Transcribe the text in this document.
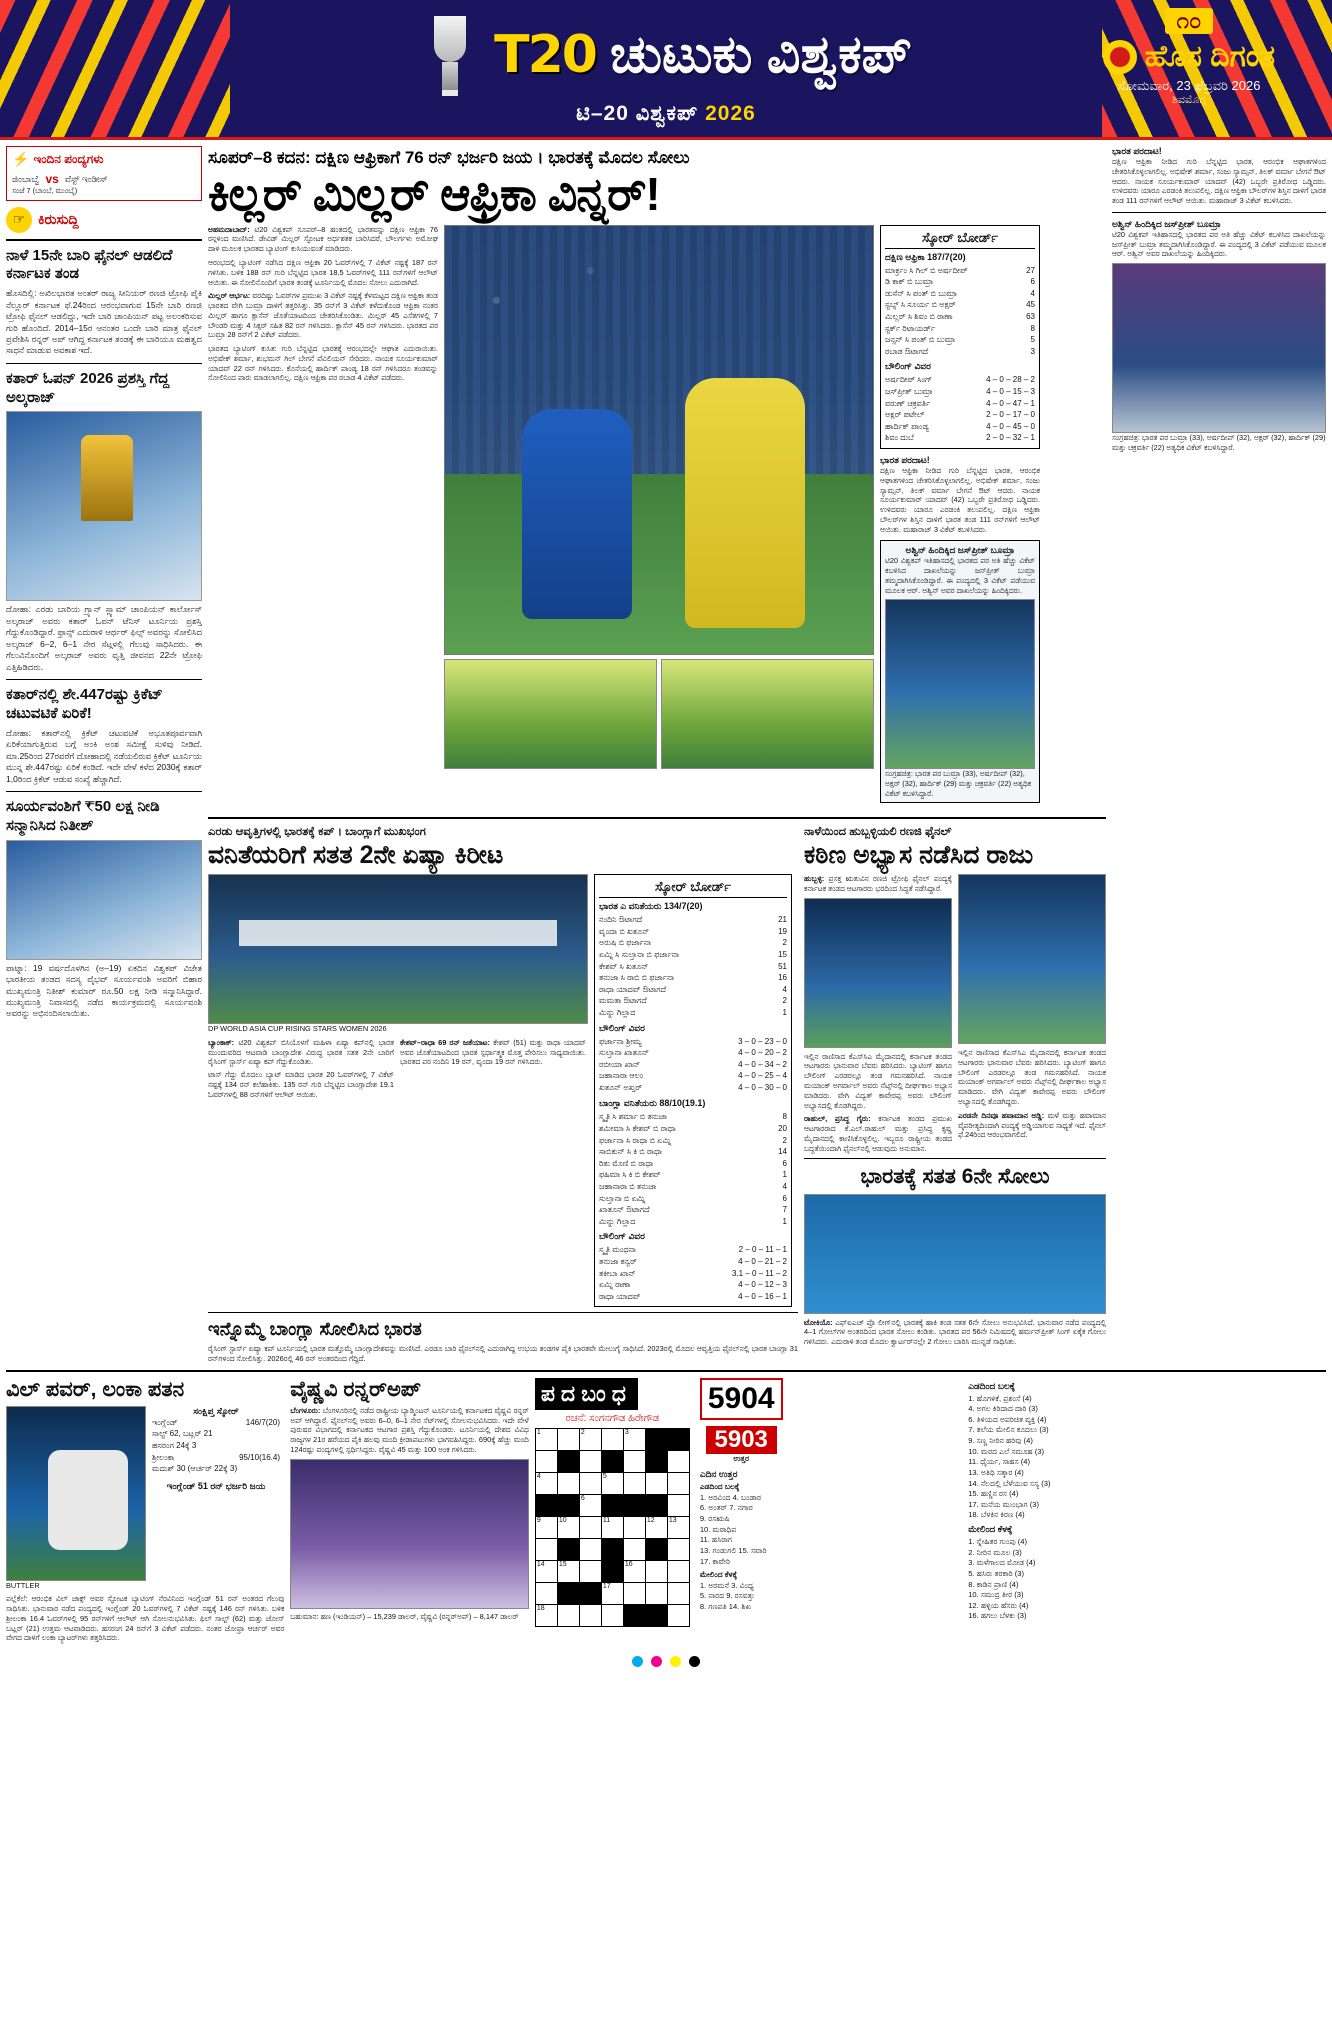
T20 ಚುಟುಕು ವಿಶ್ವಕಪ್
ಟಿ–20 ವಿಶ್ವಕಪ್ 2026
೧೦
ಹೊಸ ದಿಗಂತ
ಸೋಮವಾರ, 23 ಫೆಬ್ರವರಿ 2026
ಶಿವಮೊಗ್ಗ
⚡ ಇಂದಿನ ಪಂದ್ಯಗಳು
ಜಿಂಬಾಬ್ವೆ vs ವೆಸ್ಟ್ ಇಂಡೀಸ್
ಸಂಜೆ 7 (ಬಾಂಬೆ, ಮುಂಬೈ)
☞ ಕಿರುಸುದ್ದಿ
ನಾಳೆ 15ನೇ ಬಾರಿ ಫೈನಲ್ ಆಡಲಿದೆ ಕರ್ನಾಟಕ ತಂಡ
ಹೊಸದಿಲ್ಲಿ: ಅಖಿಲಭಾರತ ಅಂತರ್ ರಾಜ್ಯ ಸೀನಿಯರ್ ರಣಜಿ ಟ್ರೋಫಿ ಪೈಕಿ ನೆಲ್ಲೂರ್ ಕರ್ನಾಟಕ ಫೆ.24ರಿಂದ ಆರಂಭವಾಗುವ 15ನೇ ಬಾರಿ ರಣಜಿ ಟ್ರೋಫಿ ಫೈನಲ್ ಆಡಲಿದ್ದು, ಇದೇ ಬಾರಿ ಚಾಂಪಿಯನ್ ಪಟ್ಟ ಅಲಂಕರಿಸುವ ಗುರಿ ಹೊಂದಿದೆ. 2014–15ರ ಆನಂತರ ಒಂದೇ ಬಾರಿ ಮಾತ್ರ ಫೈನಲ್ ಪ್ರವೇಶಿಸಿ ರನ್ನರ್ ಅಪ್ ಆಗಿದ್ದ ಕರ್ನಾಟಕ ತಂಡಕ್ಕೆ ಈ ಬಾರಿಯೂ ಮಹತ್ವದ ಸಾಧನೆ ಮಾಡುವ ಅವಕಾಶ ಇದೆ.
ಕತಾರ್ ಓಪನ್ 2026 ಪ್ರಶಸ್ತಿ ಗೆದ್ದ ಅಲ್ಕರಾಜ್
ದೋಹಾ: ಎರಡು ಬಾರಿಯ ಗ್ರ್ಯಾನ್ ಸ್ಲ್ಯಾಮ್ ಚಾಂಪಿಯನ್ ಕಾರ್ಲೋಸ್ ಅಲ್ಕರಾಜ್ ಅವರು ಕತಾರ್ ಓಪನ್ ಟೆನಿಸ್ ಟೂರ್ನಿಯ ಪ್ರಶಸ್ತಿ ಗೆದ್ದುಕೊಂಡಿದ್ದಾರೆ. ಫ್ರಾನ್ಸ್ ಎದುರಾಳಿ ಆರ್ಥರ್ ಫಿಲ್ಸ್ ಅವರನ್ನು ಸೋಲಿಸಿದ ಅಲ್ಕರಾಜ್ 6–2, 6–1 ನೇರ ಸೆಟ್ಗಳಲ್ಲಿ ಗೆಲುವು ಸಾಧಿಸಿದರು. ಈ ಗೆಲುವಿನೊಂದಿಗೆ ಅಲ್ಕರಾಜ್ ಅವರು ವೃತ್ತಿ ಜೀವನದ 22ನೇ ಟ್ರೋಫಿ ಎತ್ತಿಹಿಡಿದರು.
ಕತಾರ್‌ನಲ್ಲಿ ಶೇ.447ರಷ್ಟು ಕ್ರಿಕೆಟ್ ಚಟುವಟಿಕೆ ಏರಿಕೆ!
ದೋಹಾ: ಕತಾರ್‌ನಲ್ಲಿ ಕ್ರಿಕೆಟ್ ಚಟುವಟಿಕೆ ಅಭೂತಪೂರ್ವವಾಗಿ ಏರಿಕೆಯಾಗುತ್ತಿರುವ ಬಗ್ಗೆ ಅಂಕಿ ಅಂಶ ಸಮೀಕ್ಷೆ ಸುಳಿವು ನೀಡಿದೆ. ಮಾ.25ರಿಂದ 27ರವರೆಗೆ ದೋಹಾದಲ್ಲಿ ನಡೆಯಲಿರುವ ಕ್ರಿಕೆಟ್ ಟೂರ್ನಿಯ ಮುನ್ನ ಶೇ.447ರಷ್ಟು ಏರಿಕೆ ಕಂಡಿದೆ. ಇದೇ ವೇಳೆ ಕಳೆದ 2030ಕ್ಕೆ ಕತಾರ್ 1,0ರಿಂದ ಕ್ರಿಕೆಟ್ ಆಡುವ ಸಂಖ್ಯೆ ಹೆಚ್ಚಾಗಿದೆ.
ಸೂರ್ಯವಂಶಿಗೆ ₹50 ಲಕ್ಷ ನೀಡಿ ಸನ್ಮಾನಿಸಿದ ನಿತೀಶ್
ಪಾಟ್ನಾ: 19 ವರ್ಷದೊಳಗಿನ (ಅ–19) ಏಕದಿನ ವಿಶ್ವಕಪ್ ವಿಜೇತ ಭಾರತೀಯ ತಂಡದ ಸದಸ್ಯ ವೈಭವ್ ಸೂರ್ಯವಂಶಿ ಅವರಿಗೆ ಬಿಹಾರ ಮುಖ್ಯಮಂತ್ರಿ ನಿತೀಶ್ ಕುಮಾರ್ ರೂ.50 ಲಕ್ಷ ನೀಡಿ ಸನ್ಮಾನಿಸಿದ್ದಾರೆ. ಮುಖ್ಯಮಂತ್ರಿ ನಿವಾಸದಲ್ಲಿ ನಡೆದ ಕಾರ್ಯಕ್ರಮದಲ್ಲಿ ಸೂರ್ಯವಂಶಿ ಅವರನ್ನು ಅಭಿನಂದಿಸಲಾಯಿತು.
ಸೂಪರ್–8 ಕದನ: ದಕ್ಷಿಣ ಆಫ್ರಿಕಾಗೆ 76 ರನ್ ಭರ್ಜರಿ ಜಯ । ಭಾರತಕ್ಕೆ ಮೊದಲ ಸೋಲು
ಕಿಲ್ಲರ್ ಮಿಲ್ಲರ್ ಆಫ್ರಿಕಾ ವಿನ್ನರ್!
ಅಹಮದಾಬಾದ್: ಟಿ20 ವಿಶ್ವಕಪ್ ಸೂಪರ್–8 ಹಂತದಲ್ಲಿ ಭಾರತವನ್ನು ದಕ್ಷಿಣ ಆಫ್ರಿಕಾ 76 ರನ್ಗಳಿಂದ ಮಣಿಸಿದೆ. ಡೇವಿಡ್ ಮಿಲ್ಲರ್ ಸ್ಫೋಟಕ ಅರ್ಧಶತಕ ಬಾರಿಸಿದರೆ, ಬೌಲರ್ಗಳು ಅಮೋಘ ದಾಳಿ ಮೂಲಕ ಭಾರತದ ಬ್ಯಾಟಿಂಗ್ ಕುಸಿಯುವಂತೆ ಮಾಡಿದರು.
ಆರಂಭದಲ್ಲಿ ಬ್ಯಾಟಿಂಗ್ ನಡೆಸಿದ ದಕ್ಷಿಣ ಆಫ್ರಿಕಾ 20 ಓವರ್‌ಗಳಲ್ಲಿ 7 ವಿಕೆಟ್ ನಷ್ಟಕ್ಕೆ 187 ರನ್ ಗಳಿಸಿತು. ಬಳಿಕ 188 ರನ್ ಗುರಿ ಬೆನ್ನಟ್ಟಿದ ಭಾರತ 18.5 ಓವರ್‌ಗಳಲ್ಲಿ 111 ರನ್‌ಗಳಿಗೆ ಆಲೌಟ್ ಆಯಿತು. ಈ ಸೋಲಿನೊಂದಿಗೆ ಭಾರತ ತಂಡಕ್ಕೆ ಟೂರ್ನಿಯಲ್ಲಿ ಮೊದಲ ಸೋಲು ಎದುರಾಗಿದೆ.
ಮಿಲ್ಲರ್ ಆರ್ಭಟ: ವರದಿಷ್ಟು ಓವರ್‌ಗಳ ಪ್ರಮುಖ 3 ವಿಕೆಟ್ ನಷ್ಟಕ್ಕೆ ಕೆಳಮಟ್ಟದ ದಕ್ಷಿಣ ಆಫ್ರಿಕಾ ತಂಡ ಭಾರತದ ವೇಗಿ ಬುಮ್ರಾ ದಾಳಿಗೆ ತತ್ತರಿಸಿತ್ತು. 35 ರನ್‌ಗೆ 3 ವಿಕೆಟ್ ಕಳೆದುಕೊಂಡ ಆಫ್ರಿಕಾ ನಂತರ ಮಿಲ್ಲರ್ ಹಾಗೂ ಕ್ಲಾಸೆನ್ ಜೊತೆಯಾಟದಿಂದ ಚೇತರಿಸಿಕೊಂಡಿತು. ಮಿಲ್ಲರ್ 45 ಎಸೆತಗಳಲ್ಲಿ 7 ಬೌಂಡರಿ ಮತ್ತು 4 ಸಿಕ್ಸರ್ ಸಹಿತ 82 ರನ್ ಗಳಿಸಿದರು. ಕ್ಲಾಸೆನ್ 45 ರನ್ ಗಳಿಸಿದರು. ಭಾರತದ ಪರ ಬುಮ್ರಾ 28 ರನ್‌ಗೆ 2 ವಿಕೆಟ್ ಪಡೆದರು.
ಭಾರತದ ಬ್ಯಾಟಿಂಗ್ ಕುಸಿತ: ಗುರಿ ಬೆನ್ನಟ್ಟಿದ ಭಾರತಕ್ಕೆ ಆರಂಭದಲ್ಲೇ ಆಘಾತ ಎದುರಾಯಿತು. ಅಭಿಷೇಕ್ ಶರ್ಮಾ, ಶುಭಮನ್ ಗಿಲ್ ಬೇಗನೆ ಪೆವಿಲಿಯನ್ ಸೇರಿದರು. ನಾಯಕ ಸೂರ್ಯಕುಮಾರ್ ಯಾದವ್ 22 ರನ್ ಗಳಿಸಿದರು. ಕೊನೆಯಲ್ಲಿ ಹಾರ್ದಿಕ್ ಪಾಂಡ್ಯ 18 ರನ್ ಗಳಿಸಿದರೂ ತಂಡವನ್ನು ಸೋಲಿನಿಂದ ಪಾರು ಮಾಡಲಾಗಲಿಲ್ಲ. ದಕ್ಷಿಣ ಆಫ್ರಿಕಾ ಪರ ರಬಾಡ 4 ವಿಕೆಟ್ ಪಡೆದರು.
ಸ್ಕೋರ್ ಬೋರ್ಡ್
ದಕ್ಷಿಣ ಆಫ್ರಿಕಾ 187/7(20)
ಮಾರ್ಕ್ರಂ ಸಿ ಗಿಲ್ ಬಿ ಅರ್ಷದೀಪ್	27
ಡಿ ಕಾಕ್ ಬಿ ಬುಮ್ರಾ	6
ಡುಸೆನ್ ಸಿ ಪಂತ್ ಬಿ ಬುಮ್ರಾ	4
ಸ್ಟಬ್ಸ್ ಸಿ ಸೂರ್ಯ ಬಿ ಅಕ್ಷರ್	45
ಮಿಲ್ಲರ್ ಸಿ ಶಿವಂ ಬಿ ರಾಣಾ	63
ಸ್ಟರ್ಕ್ ರಿಟಾಯರ್ಡ್	8
ಜನ್ಸನ್ ಸಿ ಪಂತ್ ಬಿ ಬುಮ್ರಾ	5
ರಬಾಡ ಔಟಾಗದೆ	3
ಬೌಲಿಂಗ್ ವಿವರ
ಅರ್ಷದೀಪ್ ಸಿಂಗ್	4 – 0 – 28 – 2
ಜಸ್‌ಪ್ರೀತ್ ಬುಮ್ರಾ	4 – 0 – 15 – 3
ವರುಣ್ ಚಕ್ರವರ್ತಿ	4 – 0 – 47 – 1
ಅಕ್ಷರ್ ಪಟೇಲ್	2 – 0 – 17 – 0
ಹಾರ್ದಿಕ್ ಪಾಂಡ್ಯ	4 – 0 – 45 – 0
ಶಿವಂ ದುಬೆ	2 – 0 – 32 – 1
ಭಾರತ ಪರದಾಟ!
ದಕ್ಷಿಣ ಆಫ್ರಿಕಾ ನೀಡಿದ ಗುರಿ ಬೆನ್ನಟ್ಟಿದ ಭಾರತ, ಆರಂಭಿಕ ಆಘಾತಗಳಿಂದ ಚೇತರಿಸಿಕೊಳ್ಳಲಾಗಲಿಲ್ಲ. ಅಭಿಷೇಕ್ ಶರ್ಮಾ, ಸಂಜು ಸ್ಯಾಮ್ಸನ್, ತಿಲಕ್ ವರ್ಮಾ ಬೇಗನೆ ಔಟ್ ಆದರು. ನಾಯಕ ಸೂರ್ಯಕುಮಾರ್ ಯಾದವ್ (42) ಒಬ್ಬರೇ ಪ್ರತಿರೋಧ ಒಡ್ಡಿದರು. ಉಳಿದವರು ಯಾರೂ ಎರಡಂಕಿ ತಲುಪಲಿಲ್ಲ. ದಕ್ಷಿಣ ಆಫ್ರಿಕಾ ಬೌಲರ್‌ಗಳ ಶಿಸ್ತಿನ ದಾಳಿಗೆ ಭಾರತ ತಂಡ 111 ರನ್‌ಗಳಿಗೆ ಆಲೌಟ್ ಆಯಿತು. ಮಹಾರಾಜ್ 3 ವಿಕೆಟ್ ಕಬಳಿಸಿದರು.
ಅಶ್ವಿನ್ ಹಿಂದಿಕ್ಕಿದ ಜಸ್‌ಪ್ರೀತ್ ಬೂಮ್ರಾ
ಟಿ20 ವಿಶ್ವಕಪ್ ಇತಿಹಾಸದಲ್ಲಿ ಭಾರತದ ಪರ ಅತಿ ಹೆಚ್ಚು ವಿಕೆಟ್ ಕಬಳಿಸಿದ ದಾಖಲೆಯನ್ನು ಜಸ್‌ಪ್ರೀತ್ ಬುಮ್ರಾ ತಮ್ಮದಾಗಿಸಿಕೊಂಡಿದ್ದಾರೆ. ಈ ಪಂದ್ಯದಲ್ಲಿ 3 ವಿಕೆಟ್ ಪಡೆಯುವ ಮೂಲಕ ಆರ್. ಅಶ್ವಿನ್ ಅವರ ದಾಖಲೆಯನ್ನು ಹಿಂದಿಕ್ಕಿದರು.
ಸಂಗ್ರಹಚಿತ್ರ: ಭಾರತ ಪರ ಬುಮ್ರಾ (33), ಅರ್ಷದೀಪ್ (32), ಅಕ್ಷರ್ (32), ಹಾರ್ದಿಕ್ (29) ಮತ್ತು ಚಕ್ರವರ್ತಿ (22) ಅತ್ಯಧಿಕ ವಿಕೆಟ್ ಕಬಳಿಸಿದ್ದಾರೆ.
ಎರಡು ಆವೃತ್ತಿಗಳಲ್ಲಿ ಭಾರತಕ್ಕೆ ಕಪ್ । ಬಾಂಗ್ಲಾಗೆ ಮುಖಭಂಗ
ವನಿತೆಯರಿಗೆ ಸತತ 2ನೇ ಏಷ್ಯಾ ಕಿರೀಟ
DP WORLD ASIA CUP RISING STARS WOMEN 2026
ಬ್ಯಾಂಕಾಕ್: ಟಿ20 ವಿಶ್ವಕಪ್ ಬಿಸಿಯೊಳಗೆ ಮಹಿಳಾ ಏಷ್ಯಾ ಕಪ್‌ನಲ್ಲಿ ಭಾರತ ಮುಂದುವರಿದ ಆಟವಾಡಿ ಬಾಂಗ್ಲಾದೇಶ ವಿರುದ್ಧ ಭಾರತ ಸತತ 2ನೇ ಬಾರಿಗೆ ರೈಸಿಂಗ್ ಸ್ಟಾರ್ಸ್ ಏಷ್ಯಾ ಕಪ್ ಗೆದ್ದುಕೊಂಡಿತು.
ಟಾಸ್ ಗೆದ್ದು ಮೊದಲು ಬ್ಯಾಟ್ ಮಾಡಿದ ಭಾರತ 20 ಓವರ್‌ಗಳಲ್ಲಿ 7 ವಿಕೆಟ್ ನಷ್ಟಕ್ಕೆ 134 ರನ್ ಕಲೆಹಾಕಿತು. 135 ರನ್ ಗುರಿ ಬೆನ್ನಟ್ಟಿದ ಬಾಂಗ್ಲಾದೇಶ 19.1 ಓವರ್‌ಗಳಲ್ಲಿ 88 ರನ್‌ಗಳಿಗೆ ಆಲೌಟ್ ಆಯಿತು.
ಕೇಶವ್–ರಾಧಾ 69 ರನ್ ಜತೆಯಾಟ: ಕೇಶವ್ (51) ಮತ್ತು ರಾಧಾ ಯಾದವ್ ಅವರ ಜೊತೆಯಾಟದಿಂದ ಭಾರತ ಸ್ಪರ್ಧಾತ್ಮಕ ಮೊತ್ತ ಪೇರಿಸಲು ಸಾಧ್ಯವಾಯಿತು. ಭಾರತದ ಪರ ನಂದಿನಿ 19 ರನ್, ವೃಂದಾ 19 ರನ್ ಗಳಿಸಿದರು.
ಸ್ಕೋರ್ ಬೋರ್ಡ್
ಭಾರತ ಎ ವನಿತೆಯರು 134/7(20)
ನಂದಿನಿ ಔಟಾಗದೆ	21
ವೃಂದಾ ಬಿ ಖತೂನ್	19
ಅರುಷಿ ಬಿ ಫರ್ಜಾನಾ	2
ಏಮ್ನಿ ಸಿ ಸುಲ್ತಾನಾ ಬಿ ಫರ್ಜಾನಾ	15
ಕೇಶವ್ ಸಿ ಖತೂನ್	51
ತನುಜಾ ಸಿ ರಾಬಿ ಬಿ ಫರ್ಜಾನಾ	16
ರಾಧಾ ಯಾದವ್ ಔಟಾಗದೆ	4
ಮಮತಾ ಔಟಾಗದೆ	2
ಮಿನ್ನು ಗಿಲ್ಲಾದ	1
ಬೌಲಿಂಗ್ ವಿವರ
ಫರ್ಜಾನಾ ಶ್ರೀಮ್ಯ	3 – 0 – 23 – 0
ಸುಲ್ತಾನಾ ಖಾತೂನ್	4 – 0 – 20 – 2
ರಬೀಯಾ ಖಾನ್	4 – 0 – 34 – 2
ಜಹಾನಾರಾ ಆಲಂ	4 – 0 – 25 – 4
ಖತೂನ್ ಅಖ್ತರ್	4 – 0 – 30 – 0
ಬಾಂಗ್ಲಾ ವನಿತೆಯರು 88/10(19.1)
ಸ್ಮೃತಿ ಸಿ ಶರ್ಮಾ ಬಿ ತನುಜಾ	8
ಶಮೀಮಾ ಸಿ ಕೇಶವ್ ಬಿ ರಾಧಾ	20
ಫರ್ಜಾನಾ ಸಿ ರಾಧಾ ಬಿ ಏಮ್ನಿ	2
ಸಾಬಿಕುನ್ ಸಿ ಕಿ ಬಿ ರಾಧಾ	14
ರಿತು ಮೊಣಿ ಬಿ ರಾಧಾ	6
ಫಹಿಮಾ ಸಿ ಕಿ ಬಿ ಕೇಶವ್	1
ಜಹಾನಾರಾ ಬಿ ತನುಜಾ	4
ಸುಲ್ತಾನಾ ಬಿ ಏಮ್ನಿ	6
ಖಾತೂನ್ ಔಟಾಗದೆ	7
ಮಿನ್ನು ಗಿಲ್ಲಾದ	1
ಬೌಲಿಂಗ್ ವಿವರ
ಸ್ಮೃತಿ ಮಂಧನಾ	2 – 0 – 11 – 1
ತನುಜಾ ಕನ್ವರ್	4 – 0 – 21 – 2
ತಕೀಬಾ ಖಾನ್	3.1 – 0 – 11 – 2
ಏಮ್ನಿ ರಾಣಾ	4 – 0 – 12 – 3
ರಾಧಾ ಯಾದವ್	4 – 0 – 16 – 1
ಇನ್ನೊಮ್ಮೆ ಬಾಂಗ್ಲಾ ಸೋಲಿಸಿದ ಭಾರತ
ರೈಸಿಂಗ್ ಸ್ಟಾರ್ಸ್ ಏಷ್ಯಾ ಕಪ್ ಟೂರ್ನಿಯಲ್ಲಿ ಭಾರತ ಮತ್ತೊಮ್ಮೆ ಬಾಂಗ್ಲಾದೇಶವನ್ನು ಮಣಿಸಿದೆ. ಎರಡೂ ಬಾರಿ ಫೈನಲ್‌ನಲ್ಲಿ ಎದುರಾಗಿದ್ದ ಉಭಯ ತಂಡಗಳ ಪೈಕಿ ಭಾರತವೇ ಮೇಲುಗೈ ಸಾಧಿಸಿದೆ. 2023ರಲ್ಲಿ ಮೊದಲ ಆವೃತ್ತಿಯ ಫೈನಲ್‌ನಲ್ಲಿ ಭಾರತ ಬಾಂಗ್ಲಾ 31 ರನ್‌ಗಳಿಂದ ಸೋಲಿಸಿತ್ತು. 2026ರಲ್ಲಿ 46 ರನ್ ಅಂತರದಿಂದ ಗೆದ್ದಿದೆ.
ನಾಳೆಯಿಂದ ಹುಬ್ಬಳ್ಳಿಯಲಿ ರಣಜಿ ಫೈನಲ್
ಕಠಿಣ ಅಭ್ಯಾಸ ನಡೆಸಿದ ರಾಜು
ಹುಬ್ಬಳ್ಳಿ: ಪ್ರಸಕ್ತ ಋತುವಿನ ರಣಜಿ ಟ್ರೋಫಿ ಫೈನಲ್ ಪಂದ್ಯಕ್ಕೆ ಕರ್ನಾಟಕ ತಂಡದ ಆಟಗಾರರು ಭರದಿಂದ ಸಿದ್ಧತೆ ನಡೆಸಿದ್ದಾರೆ.
ಇಲ್ಲಿನ ರಾಣಿಸಾದ ಕೆಎಸ್‌ಸಿಎ ಮೈದಾನದಲ್ಲಿ ಕರ್ನಾಟಕ ತಂಡದ ಆಟಗಾರರು ಭಾನುವಾರ ಬೆವರು ಹರಿಸಿದರು. ಬ್ಯಾಟಿಂಗ್ ಹಾಗೂ ಬೌಲಿಂಗ್ ಎರಡರಲ್ಲೂ ತಂಡ ಗಮನಹರಿಸಿದೆ. ನಾಯಕ ಮಯಾಂಕ್ ಅಗರ್ವಾಲ್ ಅವರು ನೆಟ್ಸ್‌ನಲ್ಲಿ ದೀರ್ಘಕಾಲ ಅಭ್ಯಾಸ ಮಾಡಿದರು. ವೇಗಿ ವಿದ್ವತ್ ಕಾವೇರಪ್ಪ ಅವರು ಬೌಲಿಂಗ್ ಅಭ್ಯಾಸದಲ್ಲಿ ತೊಡಗಿದ್ದರು.
ರಾಹುಲ್, ಪ್ರಸಿದ್ಧ ಗೈರು: ಕರ್ನಾಟಕ ತಂಡದ ಪ್ರಮುಖ ಆಟಗಾರರಾದ ಕೆ.ಎಲ್.ರಾಹುಲ್ ಮತ್ತು ಪ್ರಸಿದ್ಧ ಕೃಷ್ಣ ಮೈದಾನದಲ್ಲಿ ಕಾಣಿಸಿಕೊಳ್ಳಲಿಲ್ಲ. ಇಬ್ಬರೂ ರಾಷ್ಟ್ರೀಯ ತಂಡದ ಬದ್ಧತೆಯಿಂದಾಗಿ ಫೈನಲ್‌ನಲ್ಲಿ ಆಡುವುದು ಅನುಮಾನ.
ಇಲ್ಲಿನ ರಾಣಿಸಾದ ಕೆಎಸ್‌ಸಿಎ ಮೈದಾನದಲ್ಲಿ ಕರ್ನಾಟಕ ತಂಡದ ಆಟಗಾರರು ಭಾನುವಾರ ಬೆವರು ಹರಿಸಿದರು. ಬ್ಯಾಟಿಂಗ್ ಹಾಗೂ ಬೌಲಿಂಗ್ ಎರಡರಲ್ಲೂ ತಂಡ ಗಮನಹರಿಸಿದೆ. ನಾಯಕ ಮಯಾಂಕ್ ಅಗರ್ವಾಲ್ ಅವರು ನೆಟ್ಸ್‌ನಲ್ಲಿ ದೀರ್ಘಕಾಲ ಅಭ್ಯಾಸ ಮಾಡಿದರು. ವೇಗಿ ವಿದ್ವತ್ ಕಾವೇರಪ್ಪ ಅವರು ಬೌಲಿಂಗ್ ಅಭ್ಯಾಸದಲ್ಲಿ ತೊಡಗಿದ್ದರು.
ಎರಡನೇ ದಿನವೂ ಹವಾಮಾನ ಅಡ್ಡಿ: ಮಳೆ ಮತ್ತು ಹವಾಮಾನ ವೈಪರೀತ್ಯದಿಂದಾಗಿ ಪಂದ್ಯಕ್ಕೆ ಅಡ್ಡಿಯಾಗುವ ಸಾಧ್ಯತೆ ಇದೆ. ಫೈನಲ್ ಫೆ.24ರಿಂದ ಆರಂಭವಾಗಲಿದೆ.
ಭಾರತಕ್ಕೆ ಸತತ 6ನೇ ಸೋಲು
ಟೋಕಿಯೊ: ಎಫ್‌ಐಎಚ್ ಪ್ರೊ ಲೀಗ್‌ನಲ್ಲಿ ಭಾರತಕ್ಕೆ ಹಾಕಿ ತಂಡ ಸತತ 6ನೇ ಸೋಲು ಅನುಭವಿಸಿದೆ. ಭಾನುವಾರ ನಡೆದ ಪಂದ್ಯದಲ್ಲಿ 4–1 ಗೋಲ್‌ಗಳ ಅಂತರದಿಂದ ಭಾರತ ಸೋಲು ಕಂಡಿತು. ಭಾರತದ ಪರ 56ನೇ ನಿಮಿಷದಲ್ಲಿ ಹರ್ಮನ್‌ಪ್ರೀತ್ ಸಿಂಗ್ ಏಕೈಕ ಗೋಲು ಗಳಿಸಿದರು. ಎದುರಾಳಿ ತಂಡ ಮೊದಲ ಕ್ವಾರ್ಟರ್‌ನಲ್ಲೇ 2 ಗೋಲು ಬಾರಿಸಿ ಮುನ್ನಡೆ ಸಾಧಿಸಿತು.
ಭಾರತ ಪರದಾಟ!
ದಕ್ಷಿಣ ಆಫ್ರಿಕಾ ನೀಡಿದ ಗುರಿ ಬೆನ್ನಟ್ಟಿದ ಭಾರತ, ಆರಂಭಿಕ ಆಘಾತಗಳಿಂದ ಚೇತರಿಸಿಕೊಳ್ಳಲಾಗಲಿಲ್ಲ. ಅಭಿಷೇಕ್ ಶರ್ಮಾ, ಸಂಜು ಸ್ಯಾಮ್ಸನ್, ತಿಲಕ್ ವರ್ಮಾ ಬೇಗನೆ ಔಟ್ ಆದರು. ನಾಯಕ ಸೂರ್ಯಕುಮಾರ್ ಯಾದವ್ (42) ಒಬ್ಬರೇ ಪ್ರತಿರೋಧ ಒಡ್ಡಿದರು. ಉಳಿದವರು ಯಾರೂ ಎರಡಂಕಿ ತಲುಪಲಿಲ್ಲ. ದಕ್ಷಿಣ ಆಫ್ರಿಕಾ ಬೌಲರ್‌ಗಳ ಶಿಸ್ತಿನ ದಾಳಿಗೆ ಭಾರತ ತಂಡ 111 ರನ್‌ಗಳಿಗೆ ಆಲೌಟ್ ಆಯಿತು. ಮಹಾರಾಜ್ 3 ವಿಕೆಟ್ ಕಬಳಿಸಿದರು.
ಅಶ್ವಿನ್ ಹಿಂದಿಕ್ಕಿದ ಜಸ್‌ಪ್ರೀತ್ ಬೂಮ್ರಾ
ಟಿ20 ವಿಶ್ವಕಪ್ ಇತಿಹಾಸದಲ್ಲಿ ಭಾರತದ ಪರ ಅತಿ ಹೆಚ್ಚು ವಿಕೆಟ್ ಕಬಳಿಸಿದ ದಾಖಲೆಯನ್ನು ಜಸ್‌ಪ್ರೀತ್ ಬುಮ್ರಾ ತಮ್ಮದಾಗಿಸಿಕೊಂಡಿದ್ದಾರೆ. ಈ ಪಂದ್ಯದಲ್ಲಿ 3 ವಿಕೆಟ್ ಪಡೆಯುವ ಮೂಲಕ ಆರ್. ಅಶ್ವಿನ್ ಅವರ ದಾಖಲೆಯನ್ನು ಹಿಂದಿಕ್ಕಿದರು.
ಸಂಗ್ರಹಚಿತ್ರ: ಭಾರತ ಪರ ಬುಮ್ರಾ (33), ಅರ್ಷದೀಪ್ (32), ಅಕ್ಷರ್ (32), ಹಾರ್ದಿಕ್ (29) ಮತ್ತು ಚಕ್ರವರ್ತಿ (22) ಅತ್ಯಧಿಕ ವಿಕೆಟ್ ಕಬಳಿಸಿದ್ದಾರೆ.
ವಿಲ್ ಪವರ್, ಲಂಕಾ ಪತನ
BUTTLER
ಸಂಕ್ಷಿಪ್ತ ಸ್ಕೋರ್
ಇಂಗ್ಲೆಂಡ್	146/7(20)
ಸಾಲ್ಟ್ 62, ಬಟ್ಲರ್ 21
ಹಸರಂಗ 24ಕ್ಕೆ 3
ಶ್ರೀಲಂಕಾ	95/10(16.4)
ಮದುಶ್ 30 (ಆರ್ಚರ್ 22ಕ್ಕೆ 3)
ಇಂಗ್ಲೆಂಡ್ 51 ರನ್ ಭರ್ಜರಿ ಜಯ
ಪಲ್ಲೆಕೆಲೆ: ಆರಂಭಿಕ ವಿಲ್ ಜಾಕ್ಸ್ ಅವರ ಸ್ಫೋಟಕ ಬ್ಯಾಟಿಂಗ್ ನೆರವಿನಿಂದ ಇಂಗ್ಲೆಂಡ್ 51 ರನ್ ಅಂತರದ ಗೆಲುವು ಸಾಧಿಸಿತು. ಭಾನುವಾರ ನಡೆದ ಪಂದ್ಯದಲ್ಲಿ ಇಂಗ್ಲೆಂಡ್ 20 ಓವರ್‌ಗಳಲ್ಲಿ 7 ವಿಕೆಟ್ ನಷ್ಟಕ್ಕೆ 146 ರನ್ ಗಳಿಸಿತು. ಬಳಿಕ ಶ್ರೀಲಂಕಾ 16.4 ಓವರ್‌ಗಳಲ್ಲಿ 95 ರನ್‌ಗಳಿಗೆ ಆಲೌಟ್ ಆಗಿ ಸೋಲನುಭವಿಸಿತು. ಫಿಲ್ ಸಾಲ್ಟ್ (62) ಮತ್ತು ಜೋಸ್ ಬಟ್ಲರ್ (21) ಉತ್ತಮ ಆಟವಾಡಿದರು. ಹಸರಂಗ 24 ರನ್‌ಗೆ 3 ವಿಕೆಟ್ ಪಡೆದರು. ನಂತರ ಜೋಫ್ರಾ ಆರ್ಚರ್ ಅವರ ವೇಗದ ದಾಳಿಗೆ ಲಂಕಾ ಬ್ಯಾಟರ್‌ಗಳು ತತ್ತರಿಸಿದರು.
ವೈಷ್ಣವಿ ರನ್ನರ್‌ಅಪ್
ಬೆಂಗಳೂರು: ಬೆಂಗಳೂರಿನಲ್ಲಿ ನಡೆದ ರಾಷ್ಟ್ರೀಯ ಬ್ಯಾಡ್ಮಿಂಟನ್ ಟೂರ್ನಿಯಲ್ಲಿ ಕರ್ನಾಟಕದ ವೈಷ್ಣವಿ ರನ್ನರ್ ಅಪ್ ಆಗಿದ್ದಾರೆ. ಫೈನಲ್‌ನಲ್ಲಿ ಅವರು 6–0, 6–1 ನೇರ ಸೆಟ್‌ಗಳಲ್ಲಿ ಸೋಲನುಭವಿಸಿದರು. ಇದೇ ವೇಳೆ ಪುರುಷರ ವಿಭಾಗದಲ್ಲಿ ಕರ್ನಾಟಕದ ಆಟಗಾರ ಪ್ರಶಸ್ತಿ ಗೆದ್ದುಕೊಂಡರು. ಟೂರ್ನಿಯಲ್ಲಿ ದೇಶದ ವಿವಿಧ ರಾಜ್ಯಗಳ 21ರ ಹರೆಯದ ಪೈಕಿ ಹಲವು ಮಂದಿ ಕ್ರೀಡಾಪಟುಗಳು ಭಾಗವಹಿಸಿದ್ದರು. 690ಕ್ಕೆ ಹೆಚ್ಚು ಮಂದಿ 124ರಷ್ಟು ಪಂದ್ಯಗಳಲ್ಲಿ ಸ್ಪರ್ಧಿಸಿದ್ದರು. ವೈಷ್ಣವಿ 45 ಮತ್ತು 100 ಅಂಕ ಗಳಿಸಿದರು.
ಬಹುಮಾನ: ಹಣ (ಇಂಡಿಯನ್) – 15,239 ಡಾಲರ್, ವೈಷ್ಣವಿ (ರನ್ನರ್‌ಅಪ್) – 8,147 ಡಾಲರ್
ಪದಬಂಧ
ರಚನೆ: ಸಂಗನಗೌಡ ಹಿರೇಗೌಡ
1		2		3		

4			5			
		6				
9	10		11		12	13

14	15			16		
			17			
18						
5904
5903
ಉತ್ತರ
ಎದಿನ ಉತ್ತರ
ಎಡದಿಂದ ಬಲಕ್ಕೆ
1. ಅರವಿಂದ 4. ಬಂಡಾರ
6. ಅಂತರ್ 7. ನಗಾರ
9. ರಸಋಷಿ
10. ಮಠಾಧಿಪ
11. ಹಸಿರಾಗ
13. ಗಂಡುಗಲಿ 15. ಸವಾರಿ
17. ಕಾವೇರಿ
ಮೇಲಿಂದ ಕೆಳಕ್ಕೆ
1. ಅರಮನೆ 3. ವಿಂಧ್ಯ
5. ನಾರದ 9. ರಸವತ್ತು
8. ಗಣಪತಿ 14. ಶಿಖ
ಎಡದಿಂದ ಬಲಕ್ಕೆ
1. ಹೊಗಳಿಕೆ, ಪ್ರಶಂಸೆ (4)
4. ಅಗಲ ಕಿರಿದಾದ ದಾರಿ (3)
6. ತಿಳಿಯದ ಅಪರಿಚಿತ ವ್ಯಕ್ತಿ (4)
7. ತಲೆಯ ಮೇಲಿನ ಕೂದಲು (3)
9. ಸಣ್ಣ ನೀರಿನ ಹರಿವು (4)
10. ಮರದ ಎಲೆ ಸಮೂಹ (3)
11. ಧೈರ್ಯ, ಸಾಹಸ (4)
13. ಅತಿಥಿ ಸತ್ಕಾರ (4)
14. ನೆಲದಲ್ಲಿ ಬೆಳೆಯುವ ಸಸ್ಯ (3)
15. ಹಣ್ಣಿನ ರಸ (4)
17. ಮನೆಯ ಮುಂಭಾಗ (3)
18. ಬೆಳಕಿನ ಕಿರಣ (4)
ಮೇಲಿಂದ ಕೆಳಕ್ಕೆ
1. ಸ್ನೇಹಿತರ ಗುಂಪು (4)
2. ನೀರಿನ ಮೂಲ (3)
3. ಮಳೆಗಾಲದ ಮೋಡ (4)
5. ಹಸಿರು ತರಕಾರಿ (3)
8. ಕಾಡಿನ ಪ್ರಾಣಿ (4)
10. ಸಮುದ್ರ ತೀರ (3)
12. ಹಳ್ಳಿಯ ಹೆಸರು (4)
16. ಹಗಲು ಬೆಳಕು (3)
